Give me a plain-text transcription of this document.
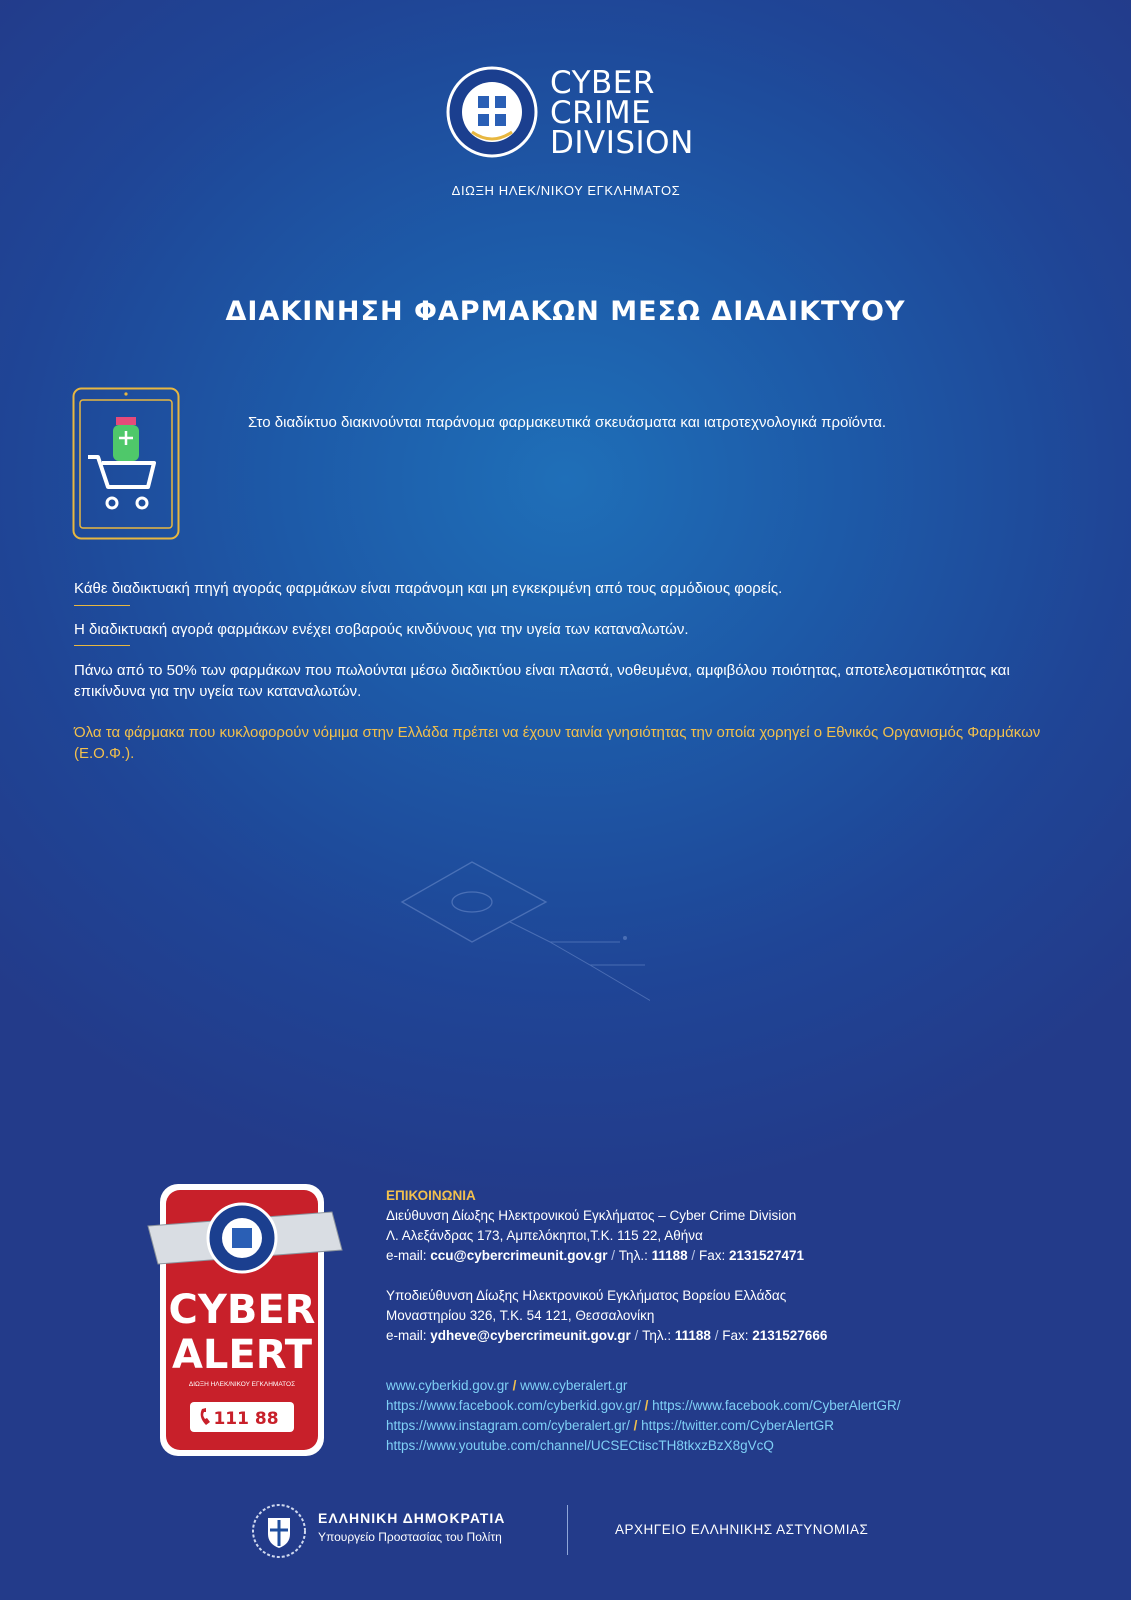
CYBER
CRIME
DIVISION
ΔΙΩΞΗ ΗΛΕΚ/ΝΙΚΟΥ ΕΓΚΛΗΜΑΤΟΣ
ΔΙΑΚΙΝΗΣΗ ΦΑΡΜΑΚΩΝ ΜΕΣΩ ΔΙΑΔΙΚΤΥΟΥ
Στο διαδίκτυο διακινούνται παράνομα φαρμακευτικά σκευάσματα και ιατροτεχνολογικά προϊόντα.
Κάθε διαδικτυακή πηγή αγοράς φαρμάκων είναι παράνομη και μη εγκεκριμένη από τους αρμόδιους φορείς.
Η διαδικτυακή αγορά φαρμάκων ενέχει σοβαρούς κινδύνους για την υγεία των καταναλωτών.
Πάνω από το 50% των φαρμάκων που πωλούνται μέσω διαδικτύου είναι πλαστά, νοθευμένα, αμφιβόλου ποιότητας, αποτελεσματικότητας και επικίνδυνα για την υγεία των καταναλωτών.
Όλα τα φάρμακα που κυκλοφορούν νόμιμα στην Ελλάδα πρέπει να έχουν ταινία γνησιότητας την οποία χορηγεί ο Εθνικός Οργανισμός Φαρμάκων (Ε.Ο.Φ.).
CYBER
ALERT
ΔΙΩΞΗ ΗΛΕΚ/ΝΙΚΟΥ ΕΓΚΛΗΜΑΤΟΣ
111 88
ΕΠΙΚΟΙΝΩΝΙΑ
Διεύθυνση Δίωξης Ηλεκτρονικού Εγκλήματος – Cyber Crime Division
Λ. Αλεξάνδρας 173, Αμπελόκηποι,Τ.Κ. 115 22, Αθήνα
e-mail: ccu@cybercrimeunit.gov.gr / Τηλ.: 11188 / Fax: 2131527471
Υποδιεύθυνση Δίωξης Ηλεκτρονικού Εγκλήματος Βορείου Ελλάδας
Μοναστηρίου 326, Τ.Κ. 54 121, Θεσσαλονίκη
e-mail: ydheve@cybercrimeunit.gov.gr / Τηλ.: 11188 / Fax: 2131527666
www.cyberkid.gov.gr / www.cyberalert.gr
https://www.facebook.com/cyberkid.gov.gr/ / https://www.facebook.com/CyberAlertGR/
https://www.instagram.com/cyberalert.gr/ / https://twitter.com/CyberAlertGR
https://www.youtube.com/channel/UCSECtiscTH8tkxzBzX8gVcQ
ΕΛΛΗΝΙΚΗ ΔΗΜΟΚΡΑΤΙΑ
Υπουργείο Προστασίας του Πολίτη	ΑΡΧΗΓΕΙΟ ΕΛΛΗΝΙΚΗΣ ΑΣΤΥΝΟΜΙΑΣ
